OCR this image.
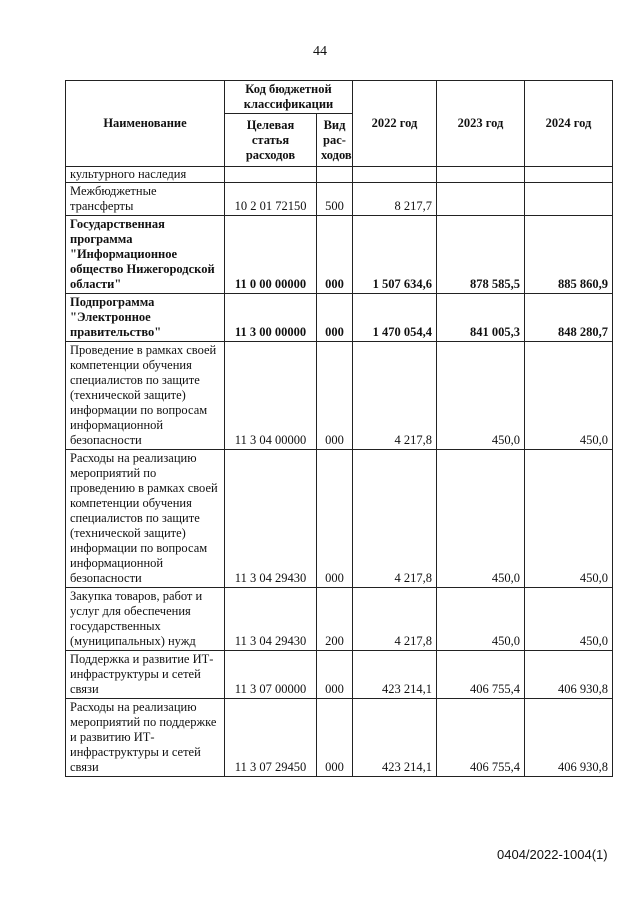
44
Наименование	Код бюджетной классификации		2022 год	2023 год	2024 год
	Целевая статья расходов	Вид рас-ходов			
культурного наследия					
Межбюджетные трансферты	10 2 01 72150	500	8 217,7		
Государственная программа "Информационное общество Нижегородской области"	11 0 00 00000	000	1 507 634,6	878 585,5	885 860,9
Подпрограмма "Электронное правительство"	11 3 00 00000	000	1 470 054,4	841 005,3	848 280,7
Проведение в рамках своей компетенции обучения специалистов по защите (технической защите) информации по вопросам информационной безопасности	11 3 04 00000	000	4 217,8	450,0	450,0
Расходы на реализацию мероприятий по проведению в рамках своей компетенции обучения специалистов по защите (технической защите) информации по вопросам информационной безопасности	11 3 04 29430	000	4 217,8	450,0	450,0
Закупка товаров, работ и услуг для обеспечения государственных (муниципальных) нужд	11 3 04 29430	200	4 217,8	450,0	450,0
Поддержка и развитие ИТ-инфраструктуры и сетей связи	11 3 07 00000	000	423 214,1	406 755,4	406 930,8
Расходы на реализацию мероприятий по поддержке и развитию ИТ-инфраструктуры и сетей связи	11 3 07 29450	000	423 214,1	406 755,4	406 930,8
0404/2022-1004(1)
